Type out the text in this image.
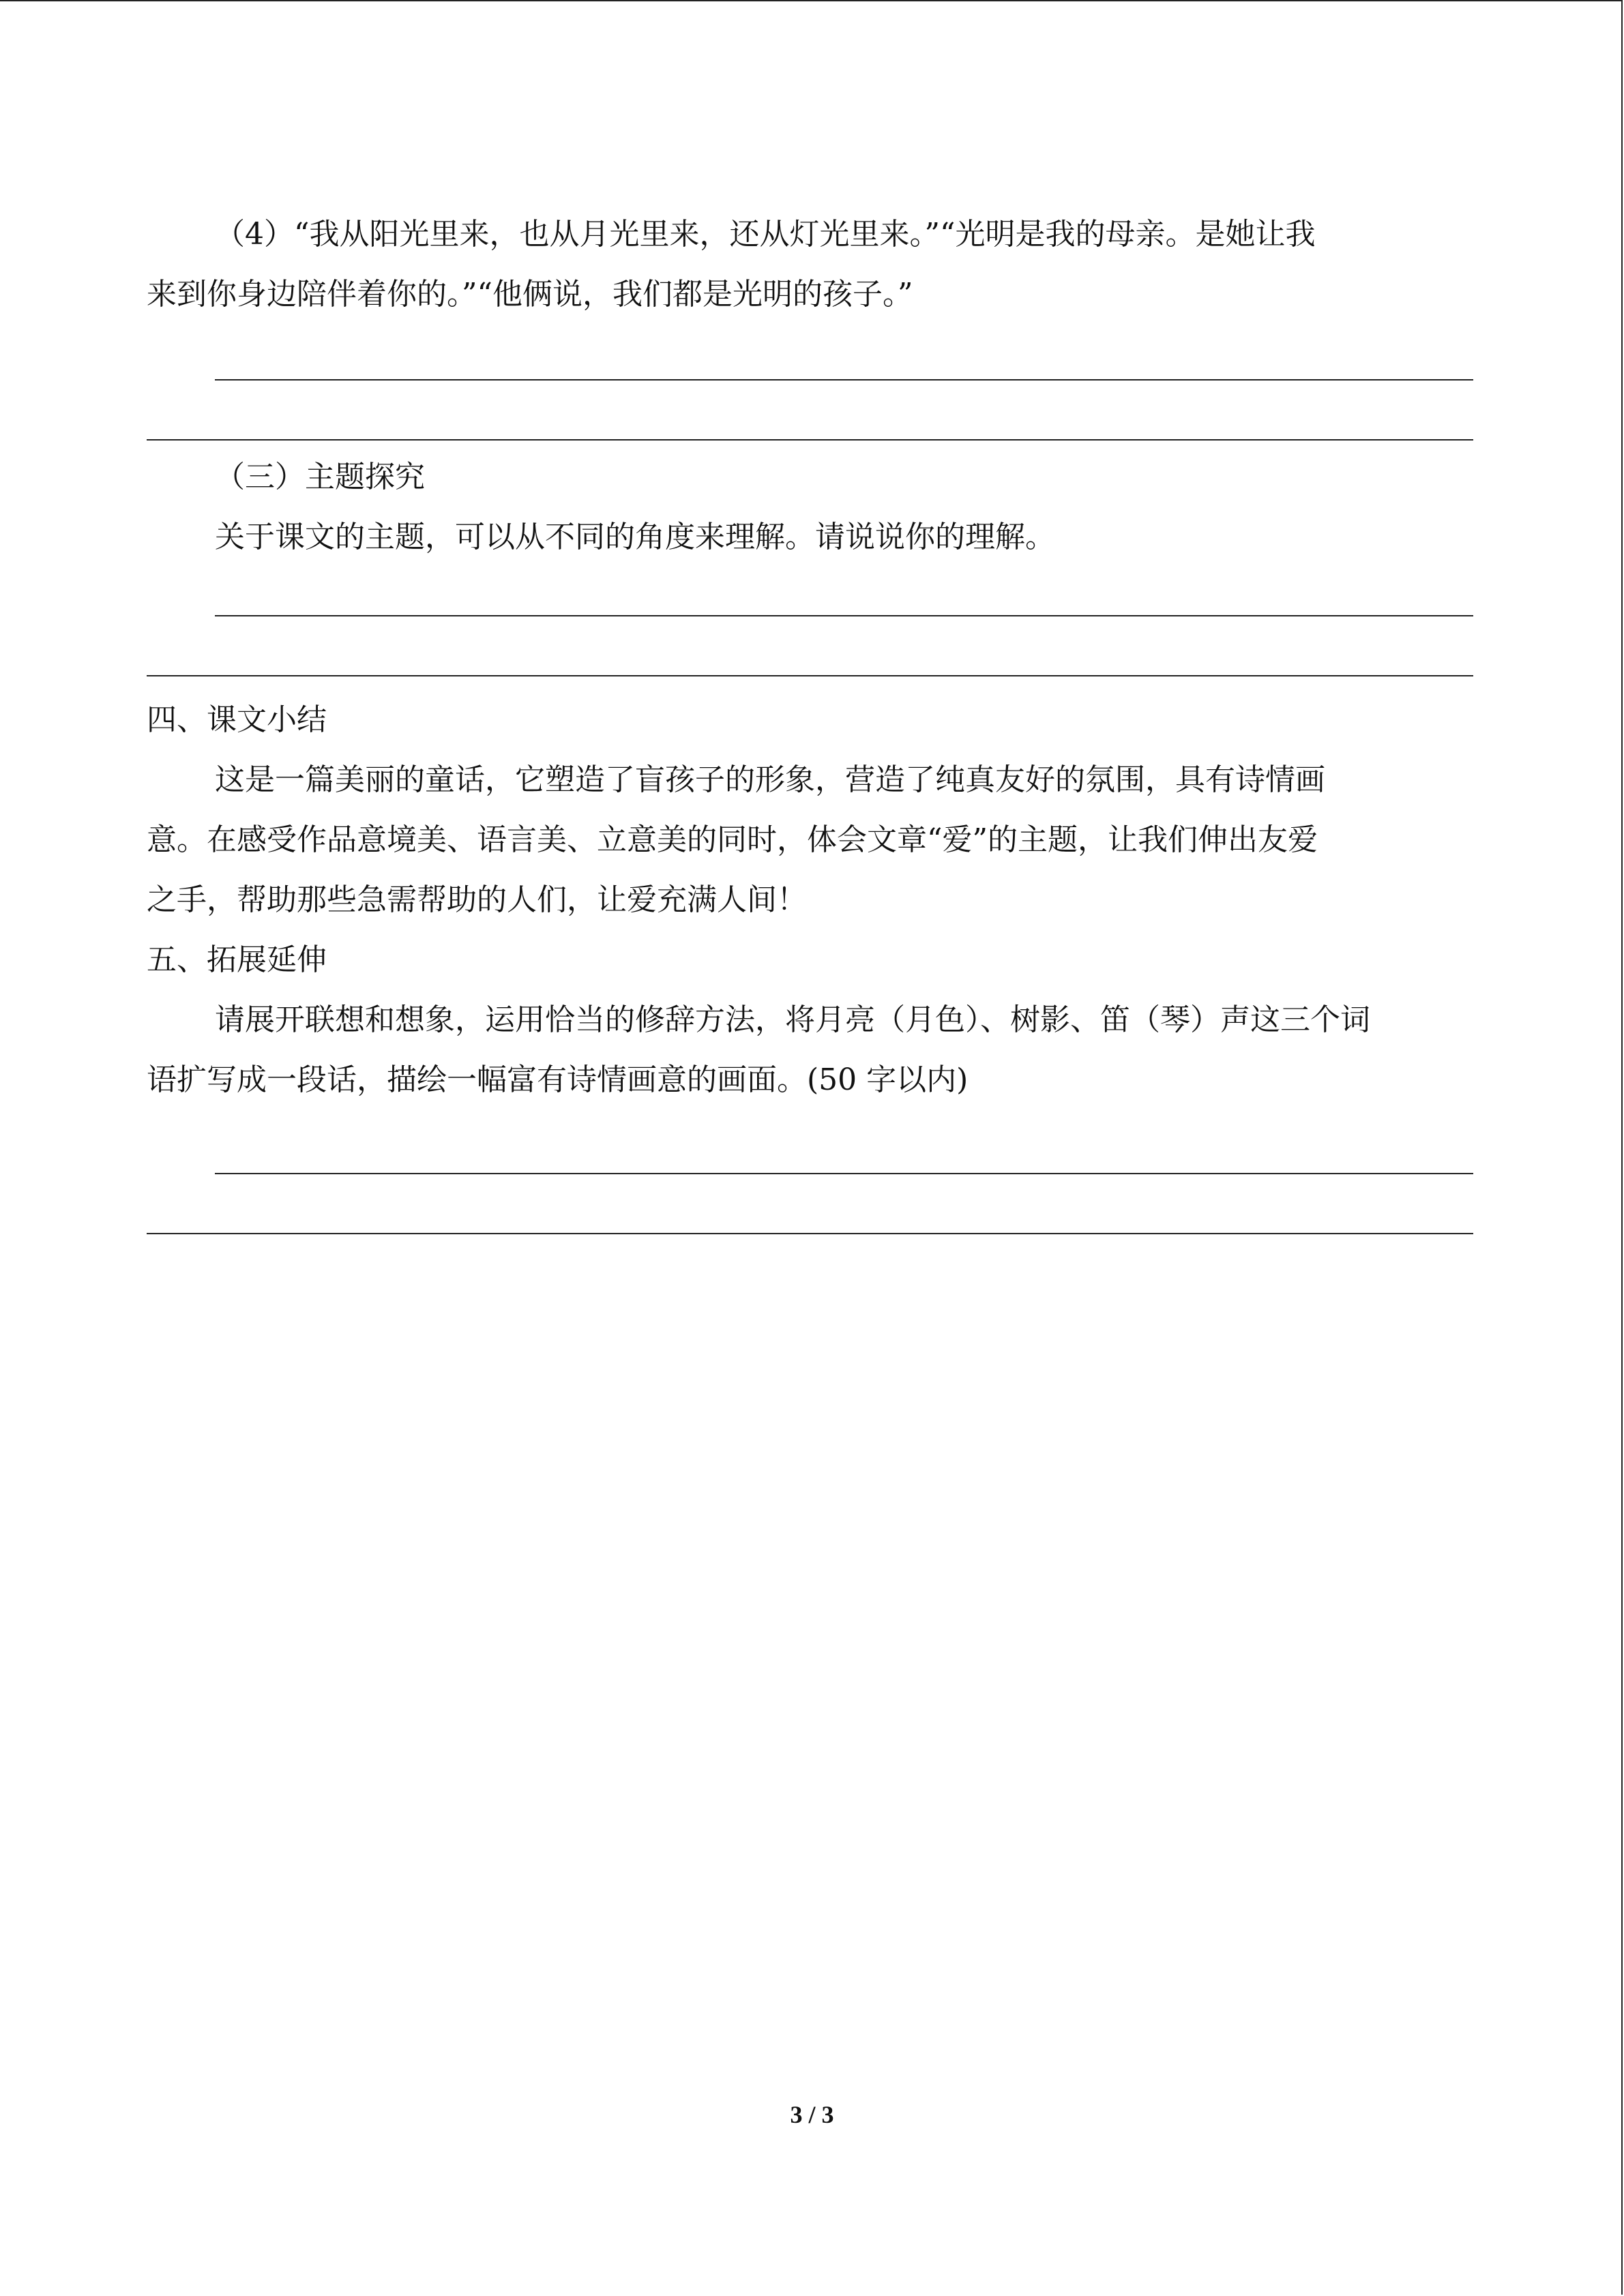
（4）“我从阳光里来，也从月光里来，还从灯光里来。”“光明是我的母亲。是她让我

来到你身边陪伴着你的。”“他俩说，我们都是光明的孩子。”

（三）主题探究

关于课文的主题，可以从不同的角度来理解。请说说你的理解。

四、课文小结

这是一篇美丽的童话，它塑造了盲孩子的形象，营造了纯真友好的氛围，具有诗情画

意。在感受作品意境美、语言美、立意美的同时，体会文章“爱”的主题，让我们伸出友爱

之手，帮助那些急需帮助的人们，让爱充满人间！

五、拓展延伸

请展开联想和想象，运用恰当的修辞方法，将月亮（月色）、树影、笛（琴）声这三个词

语扩写成一段话，描绘一幅富有诗情画意的画面。(50 字以内)

3 / 3
